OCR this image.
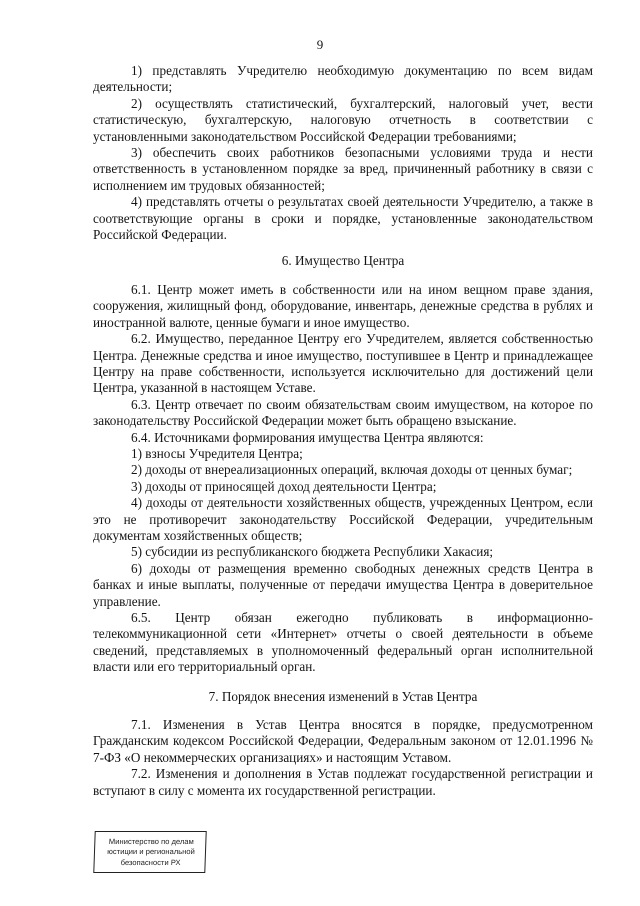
9

1) представлять Учредителю необходимую документацию по всем видам деятельности;

2) осуществлять статистический, бухгалтерский, налоговый учет, вести статистическую, бухгалтерскую, налоговую отчетность в соответствии с установленными законодательством Российской Федерации требованиями;

3) обеспечить своих работников безопасными условиями труда и нести ответственность в установленном порядке за вред, причиненный работнику в связи с исполнением им трудовых обязанностей;

4) представлять отчеты о результатах своей деятельности Учредителю, а также в соответствующие органы в сроки и порядке, установленные законодательством Российской Федерации.

6. Имущество Центра

6.1. Центр может иметь в собственности или на ином вещном праве здания, сооружения, жилищный фонд, оборудование, инвентарь, денежные средства в рублях и иностранной валюте, ценные бумаги и иное имущество.

6.2. Имущество, переданное Центру его Учредителем, является собственностью Центра. Денежные средства и иное имущество, поступившее в Центр и принадлежащее Центру на праве собственности, используется исключительно для достижений цели Центра, указанной в настоящем Уставе.

6.3. Центр отвечает по своим обязательствам своим имуществом, на которое по законодательству Российской Федерации может быть обращено взыскание.

6.4. Источниками формирования имущества Центра являются:

1) взносы Учредителя Центра;

2) доходы от внереализационных операций, включая доходы от ценных бумаг;

3) доходы от приносящей доход деятельности Центра;

4) доходы от деятельности хозяйственных обществ, учрежденных Центром, если это не противоречит законодательству Российской Федерации, учредительным документам хозяйственных обществ;

5) субсидии из республиканского бюджета Республики Хакасия;

6) доходы от размещения временно свободных денежных средств Центра в банках и иные выплаты, полученные от передачи имущества Центра в доверительное управление.

6.5. Центр обязан ежегодно публиковать в информационно-телекоммуникационной сети «Интернет» отчеты о своей деятельности в объеме сведений, представляемых в уполномоченный федеральный орган исполнительной власти или его территориальный орган.

7. Порядок внесения изменений в Устав Центра

7.1. Изменения в Устав Центра вносятся в порядке, предусмотренном Гражданским кодексом Российской Федерации, Федеральным законом от 12.01.1996 № 7-ФЗ «О некоммерческих организациях» и настоящим Уставом.

7.2. Изменения и дополнения в Устав подлежат государственной регистрации и вступают в силу с момента их государственной регистрации.

Министерство по делам
юстиции и региональной
безопасности РХ
